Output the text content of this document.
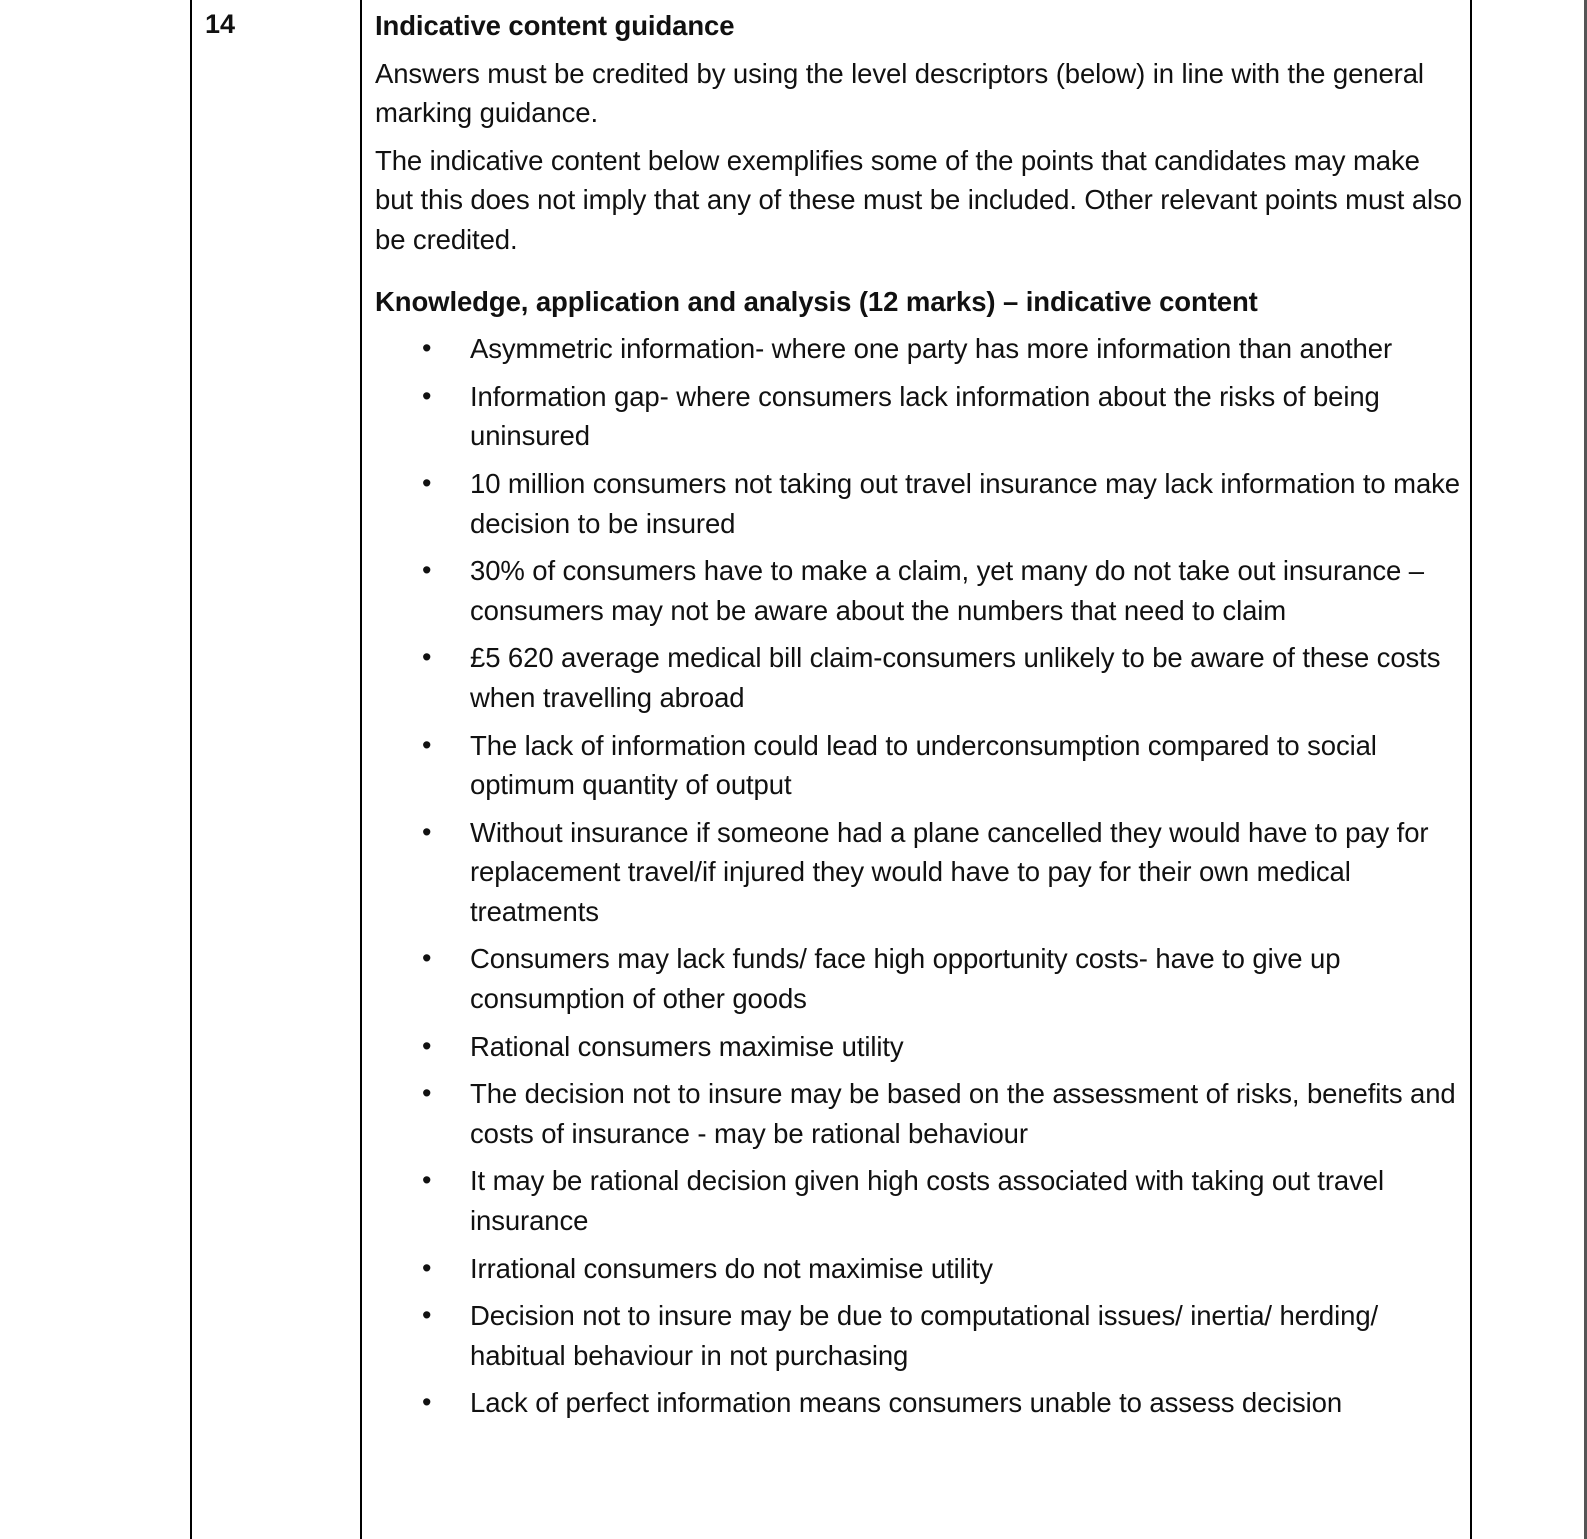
14	Indicative content guidance
Answers must be credited by using the level descriptors (below) in line with the general marking guidance.
The indicative content below exemplifies some of the points that candidates may make but this does not imply that any of these must be included. Other relevant points must also be credited.
Knowledge, application and analysis (12 marks) – indicative content
• Asymmetric information- where one party has more information than another
• Information gap- where consumers lack information about the risks of being uninsured
• 10 million consumers not taking out travel insurance may lack information to make decision to be insured
• 30% of consumers have to make a claim, yet many do not take out insurance – consumers may not be aware about the numbers that need to claim
• £5 620 average medical bill claim-consumers unlikely to be aware of these costs when travelling abroad
• The lack of information could lead to underconsumption compared to social optimum quantity of output
• Without insurance if someone had a plane cancelled they would have to pay for replacement travel/if injured they would have to pay for their own medical treatments
• Consumers may lack funds/ face high opportunity costs- have to give up consumption of other goods
• Rational consumers maximise utility
• The decision not to insure may be based on the assessment of risks, benefits and costs of insurance - may be rational behaviour
• It may be rational decision given high costs associated with taking out travel insurance
• Irrational consumers do not maximise utility
• Decision not to insure may be due to computational issues/ inertia/ herding/ habitual behaviour in not purchasing
• Lack of perfect information means consumers unable to assess decision
